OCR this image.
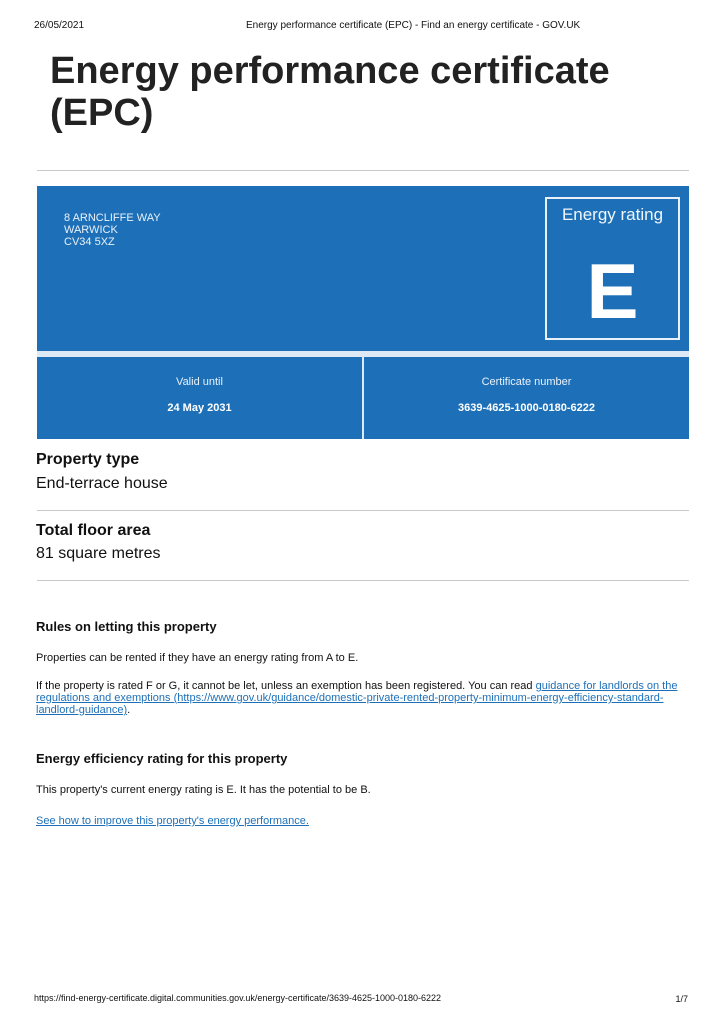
26/05/2021	Energy performance certificate (EPC) - Find an energy certificate - GOV.UK
Energy performance certificate (EPC)
8 ARNCLIFFE WAY
WARWICK
CV34 5XZ
Energy rating
E
Valid until
24 May 2031
Certificate number
3639-4625-1000-0180-6222
Property type

End-terrace house

Total floor area

81 square metres

Rules on letting this property

Properties can be rented if they have an energy rating from A to E.

If the property is rated F or G, it cannot be let, unless an exemption has been registered. You can read guidance for landlords on the regulations and exemptions (https://www.gov.uk/guidance/domestic-private-rented-property-minimum-energy-efficiency-standard-landlord-guidance).

Energy efficiency rating for this property

This property's current energy rating is E. It has the potential to be B.

See how to improve this property's energy performance.
https://find-energy-certificate.digital.communities.gov.uk/energy-certificate/3639-4625-1000-0180-6222	1/7
